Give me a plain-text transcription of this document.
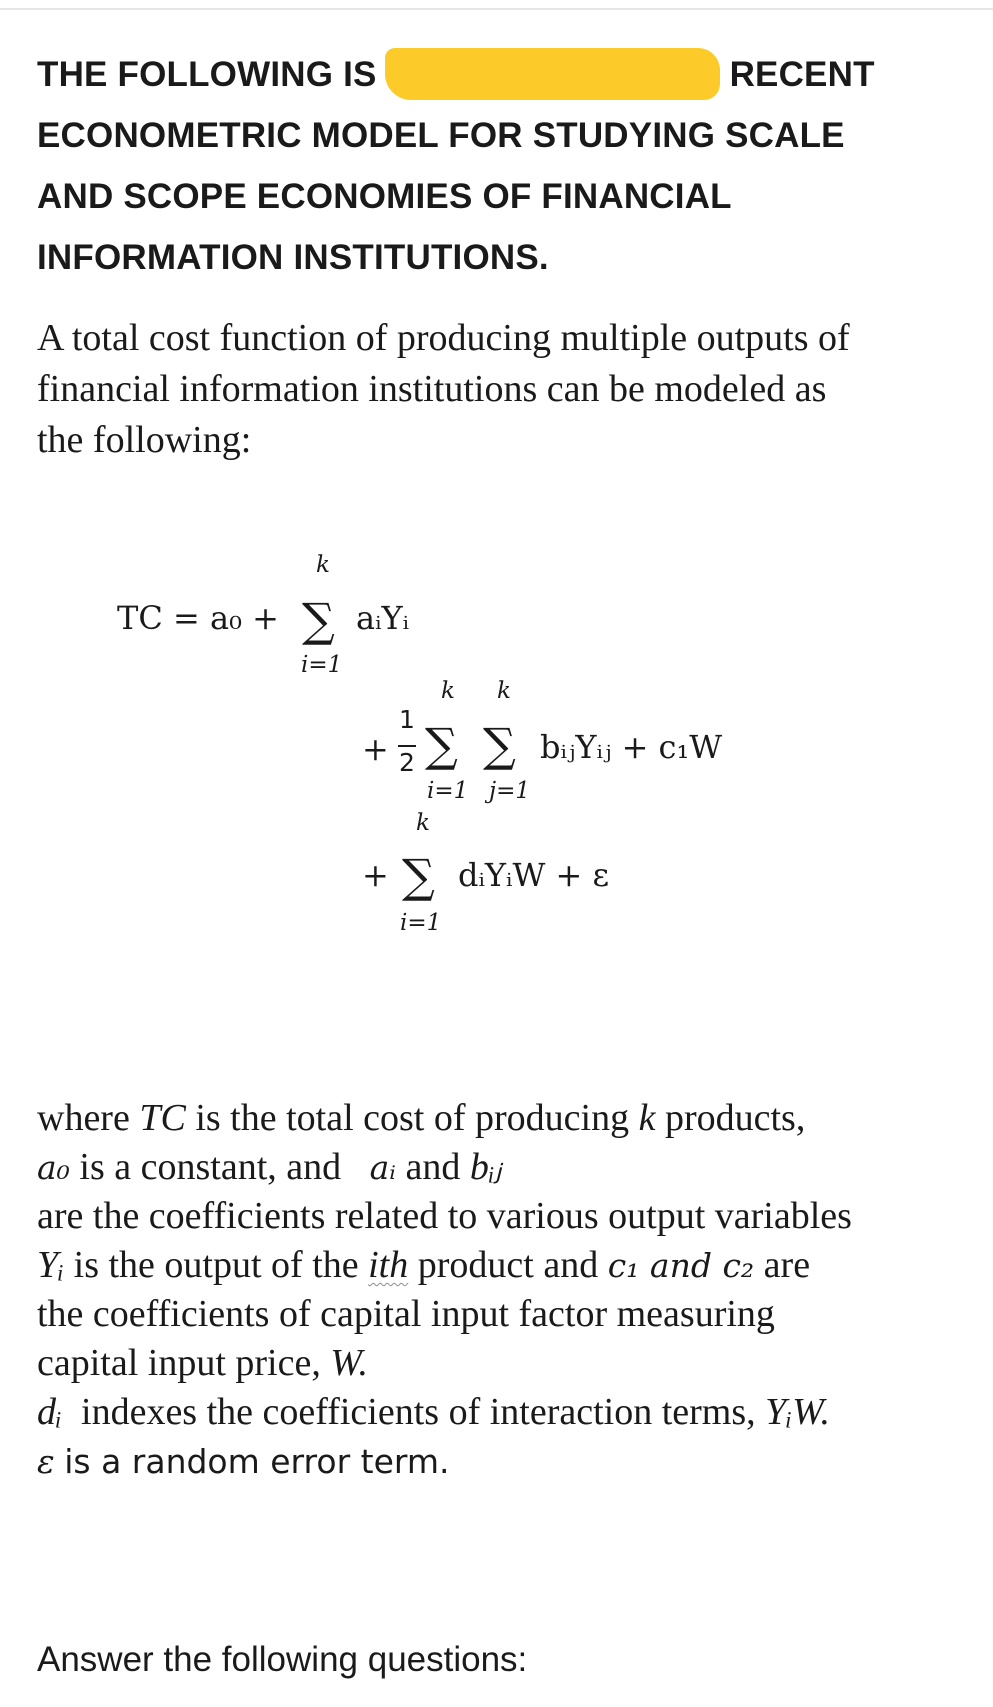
THE FOLLOWING IS	RECENT
ECONOMETRIC MODEL FOR STUDYING SCALE
AND SCOPE ECONOMIES OF FINANCIAL
INFORMATION INSTITUTIONS.
A total cost function of producing multiple outputs of
financial information institutions can be modeled as
the following:
TC = a₀ +
k
∑
i=1
aᵢYᵢ
+
1
2
k
∑
i=1
k
∑
j=1
bᵢⱼYᵢⱼ + c₁W
k
+ ∑
i=1
dᵢYᵢW + ε
where TC is the total cost of producing k products,
a₀ is a constant, and aᵢ and bᵢⱼ
are the coefficients related to various output variables
Yᵢ is the output of the ith product and c₁ and c₂ are
the coefficients of capital input factor measuring
capital input price, W.
dᵢ indexes the coefficients of interaction terms, YᵢW.
ε is a random error term.
Answer the following questions:
